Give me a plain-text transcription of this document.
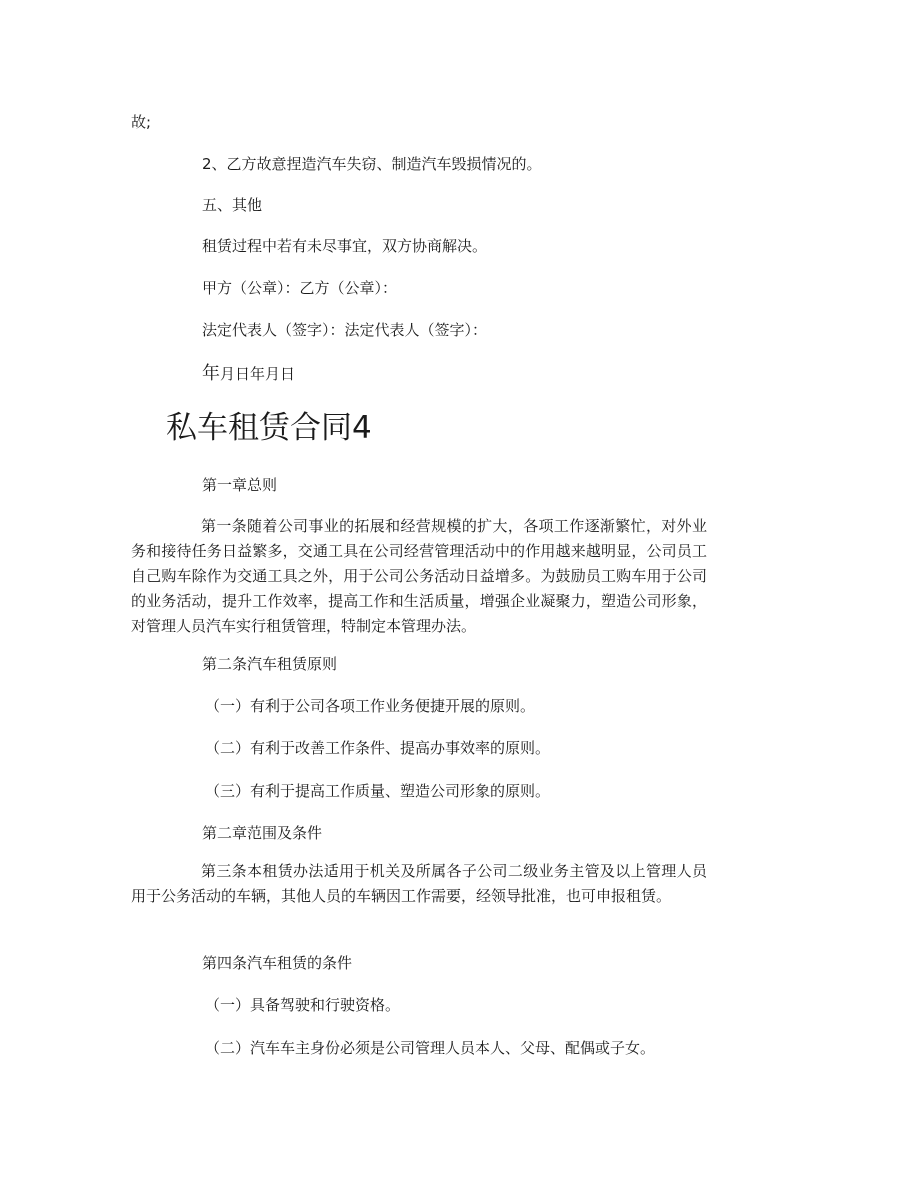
故;
2、乙方故意捏造汽车失窃、制造汽车毁损情况的。
五、其他
租赁过程中若有未尽事宜，双方协商解决。
甲方（公章）：乙方（公章）：
法定代表人（签字）：法定代表人（签字）：
年月日年月日
私车租赁合同4
第一章总则
第一条随着公司事业的拓展和经营规模的扩大，各项工作逐渐繁忙，对外业务和接待任务日益繁多，交通工具在公司经营管理活动中的作用越来越明显，公司员工自己购车除作为交通工具之外，用于公司公务活动日益增多。为鼓励员工购车用于公司的业务活动，提升工作效率，提高工作和生活质量，增强企业凝聚力，塑造公司形象，对管理人员汽车实行租赁管理，特制定本管理办法。
第二条汽车租赁原则
（一）有利于公司各项工作业务便捷开展的原则。
（二）有利于改善工作条件、提高办事效率的原则。
（三）有利于提高工作质量、塑造公司形象的原则。
第二章范围及条件
第三条本租赁办法适用于机关及所属各子公司二级业务主管及以上管理人员用于公务活动的车辆，其他人员的车辆因工作需要，经领导批准，也可申报租赁。
第四条汽车租赁的条件
（一）具备驾驶和行驶资格。
（二）汽车车主身份必须是公司管理人员本人、父母、配偶或子女。
